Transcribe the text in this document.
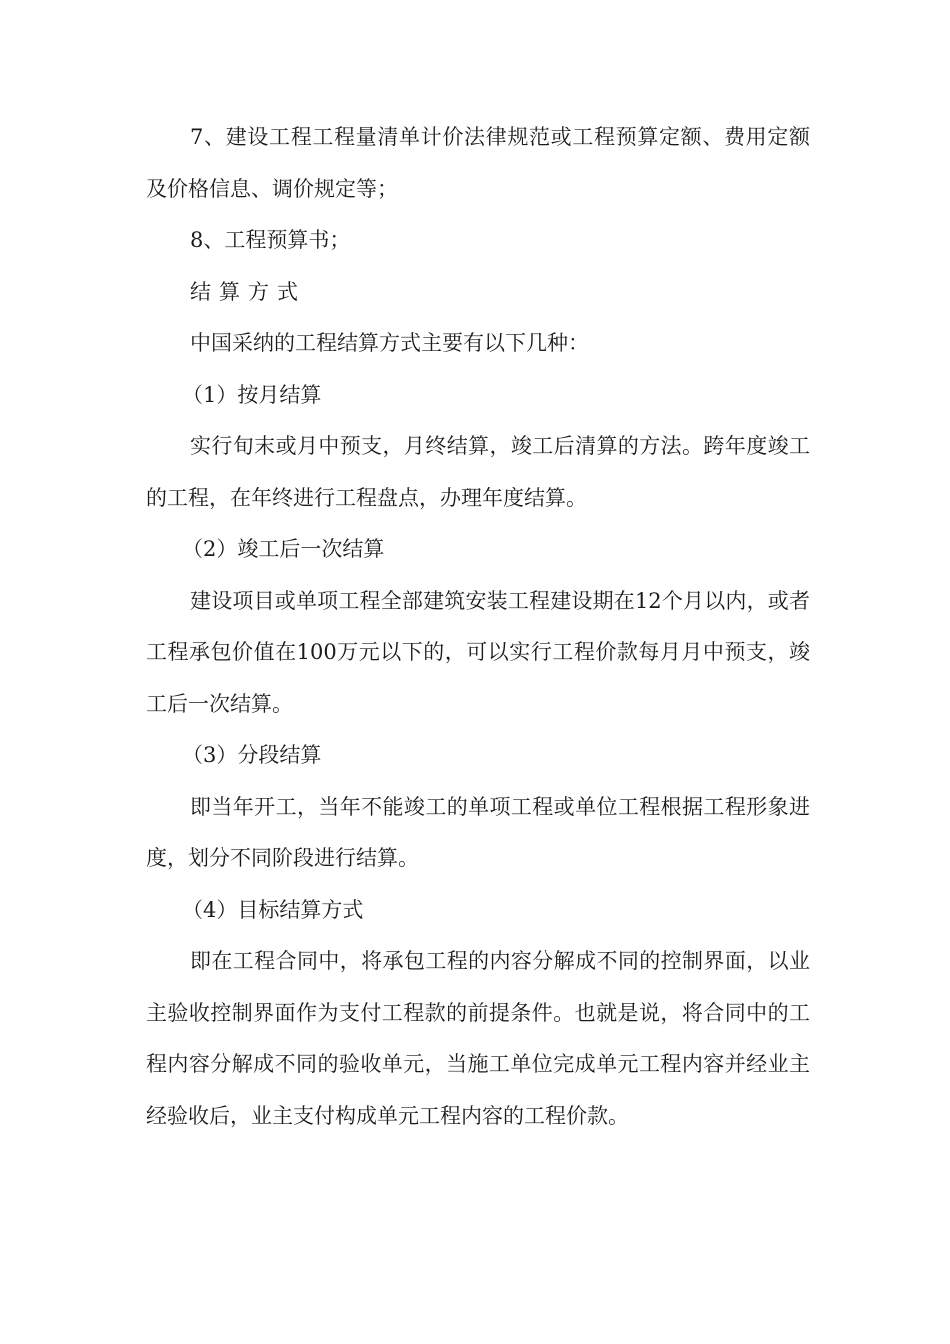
7、建设工程工程量清单计价法律规范或工程预算定额、费用定额及价格信息、调价规定等；

8、工程预算书；

结算方式

中国采纳的工程结算方式主要有以下几种：

（1）按月结算

实行旬末或月中预支，月终结算，竣工后清算的方法。跨年度竣工的工程，在年终进行工程盘点，办理年度结算。

（2）竣工后一次结算

建设项目或单项工程全部建筑安装工程建设期在12个月以内，或者工程承包价值在100万元以下的，可以实行工程价款每月月中预支，竣工后一次结算。

（3）分段结算

即当年开工，当年不能竣工的单项工程或单位工程根据工程形象进度，划分不同阶段进行结算。

（4）目标结算方式

即在工程合同中，将承包工程的内容分解成不同的控制界面，以业主验收控制界面作为支付工程款的前提条件。也就是说，将合同中的工程内容分解成不同的验收单元，当施工单位完成单元工程内容并经业主经验收后，业主支付构成单元工程内容的工程价款。
